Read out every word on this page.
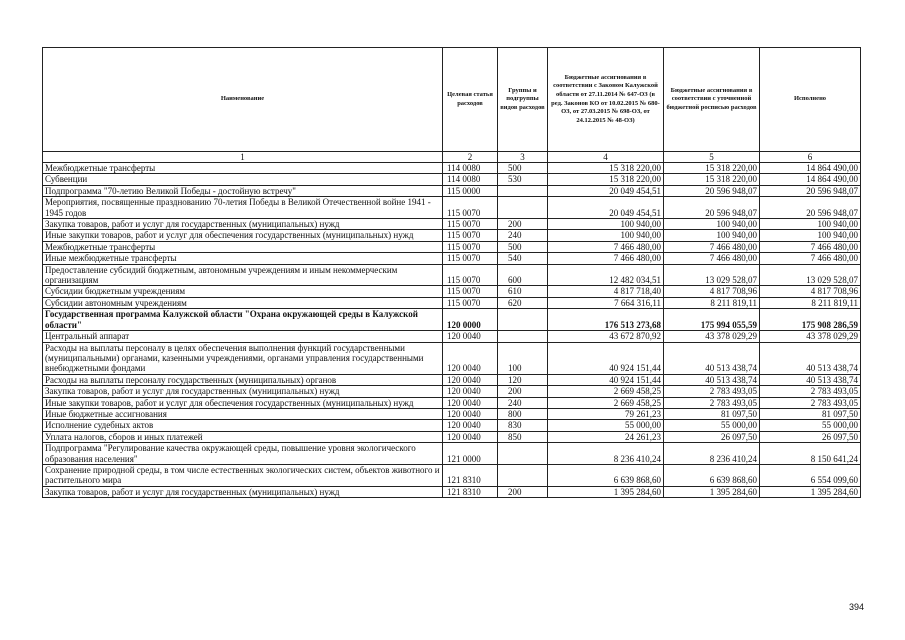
Наименование	Целевая статья расходов	Группы и подгруппы видов расходов	Бюджетные ассигнования в соответствии с Законом Калужской области от 27.11.2014 № 647-ОЗ (в ред. Законов КО от 10.02.2015 № 680-ОЗ, от 27.03.2015 № 698-ОЗ, от 24.12.2015 № 48-ОЗ)	Бюджетные ассигнования в соответствии с уточненной бюджетной росписью расходов	Исполнено
1	2	3	4	5	6
Межбюджетные трансферты	114 0080	500	15 318 220,00	15 318 220,00	14 864 490,00
Субвенции	114 0080	530	15 318 220,00	15 318 220,00	14 864 490,00
Подпрограмма "70-летию Великой Победы - достойную встречу"	115 0000		20 049 454,51	20 596 948,07	20 596 948,07
Мероприятия, посвященные празднованию 70-летия Победы в Великой Отечественной войне 1941 - 1945 годов	115 0070		20 049 454,51	20 596 948,07	20 596 948,07
Закупка товаров, работ и услуг для государственных (муниципальных) нужд	115 0070	200	100 940,00	100 940,00	100 940,00
Иные закупки товаров, работ и услуг для обеспечения государственных (муниципальных) нужд	115 0070	240	100 940,00	100 940,00	100 940,00
Межбюджетные трансферты	115 0070	500	7 466 480,00	7 466 480,00	7 466 480,00
Иные межбюджетные трансферты	115 0070	540	7 466 480,00	7 466 480,00	7 466 480,00
Предоставление субсидий бюджетным, автономным учреждениям и иным некоммерческим организациям	115 0070	600	12 482 034,51	13 029 528,07	13 029 528,07
Субсидии бюджетным учреждениям	115 0070	610	4 817 718,40	4 817 708,96	4 817 708,96
Субсидии автономным учреждениям	115 0070	620	7 664 316,11	8 211 819,11	8 211 819,11
Государственная программа Калужской области "Охрана окружающей среды в Калужской области"	120 0000		176 513 273,68	175 994 055,59	175 908 286,59
Центральный аппарат	120 0040		43 672 870,92	43 378 029,29	43 378 029,29
Расходы на выплаты персоналу в целях обеспечения выполнения функций государственными (муниципальными) органами, казенными учреждениями, органами управления государственными внебюджетными фондами	120 0040	100	40 924 151,44	40 513 438,74	40 513 438,74
Расходы на выплаты персоналу государственных (муниципальных) органов	120 0040	120	40 924 151,44	40 513 438,74	40 513 438,74
Закупка товаров, работ и услуг для государственных (муниципальных) нужд	120 0040	200	2 669 458,25	2 783 493,05	2 783 493,05
Иные закупки товаров, работ и услуг для обеспечения государственных (муниципальных) нужд	120 0040	240	2 669 458,25	2 783 493,05	2 783 493,05
Иные бюджетные ассигнования	120 0040	800	79 261,23	81 097,50	81 097,50
Исполнение судебных актов	120 0040	830	55 000,00	55 000,00	55 000,00
Уплата налогов, сборов и иных платежей	120 0040	850	24 261,23	26 097,50	26 097,50
Подпрограмма "Регулирование качества окружающей среды, повышение уровня экологического образования населения"	121 0000		8 236 410,24	8 236 410,24	8 150 641,24
Сохранение природной среды, в том числе естественных экологических систем, объектов животного и растительного мира	121 8310		6 639 868,60	6 639 868,60	6 554 099,60
Закупка товаров, работ и услуг для государственных (муниципальных) нужд	121 8310	200	1 395 284,60	1 395 284,60	1 395 284,60
394
